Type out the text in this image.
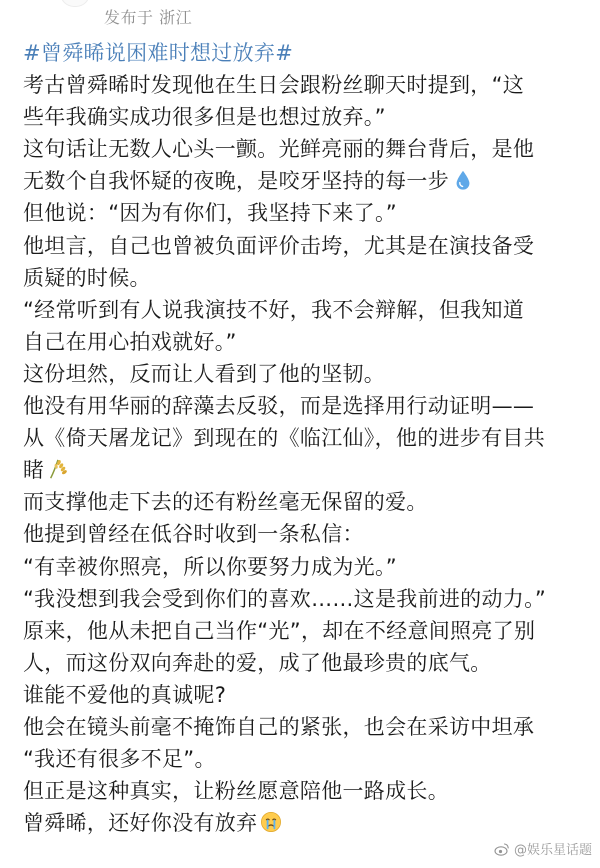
发布于 浙江
#曾舜晞说困难时想过放弃#
考古曾舜晞时发现他在生日会跟粉丝聊天时提到，“这
些年我确实成功很多但是也想过放弃。”
这句话让无数人心头一颤。光鲜亮丽的舞台背后，是他
无数个自我怀疑的夜晚，是咬牙坚持的每一步
但他说：“因为有你们，我坚持下来了。”
他坦言，自己也曾被负面评价击垮，尤其是在演技备受
质疑的时候。
“经常听到有人说我演技不好，我不会辩解，但我知道
自己在用心拍戏就好。”
这份坦然，反而让人看到了他的坚韧。
他没有用华丽的辞藻去反驳，而是选择用行动证明——
从《倚天屠龙记》到现在的《临江仙》，他的进步有目共
睹
而支撑他走下去的还有粉丝毫无保留的爱。
他提到曾经在低谷时收到一条私信：
“有幸被你照亮，所以你要努力成为光。”
“我没想到我会受到你们的喜欢……这是我前进的动力。”
原来，他从未把自己当作“光”，却在不经意间照亮了别
人，而这份双向奔赴的爱，成了他最珍贵的底气。
谁能不爱他的真诚呢?
他会在镜头前毫不掩饰自己的紧张，也会在采访中坦承
“我还有很多不足”。
但正是这种真实，让粉丝愿意陪他一路成长。
曾舜晞，还好你没有放弃
@娱乐星话题
